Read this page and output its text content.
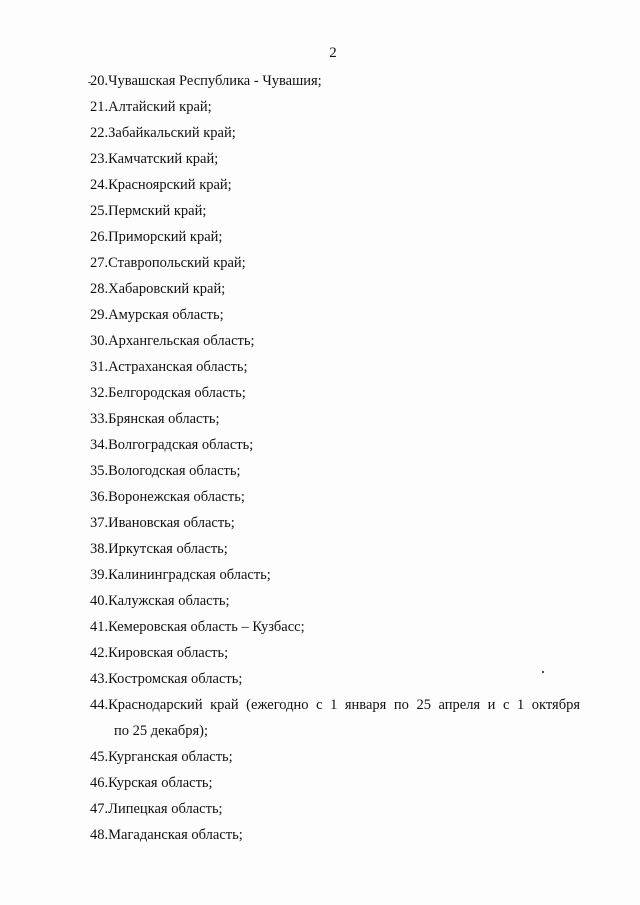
2
20.Чувашская Республика - Чувашия;
21.Алтайский край;
22.Забайкальский край;
23.Камчатский край;
24.Красноярский край;
25.Пермский край;
26.Приморский край;
27.Ставропольский край;
28.Хабаровский край;
29.Амурская область;
30.Архангельская область;
31.Астраханская область;
32.Белгородская область;
33.Брянская область;
34.Волгоградская область;
35.Вологодская область;
36.Воронежская область;
37.Ивановская область;
38.Иркутская область;
39.Калининградская область;
40.Калужская область;
41.Кемеровская область – Кузбасс;
42.Кировская область;
43.Костромская область;
44.Краснодарский край (ежегодно с 1 января по 25 апреля и с 1 октября
по 25 декабря);
45.Курганская область;
46.Курская область;
47.Липецкая область;
48.Магаданская область;
